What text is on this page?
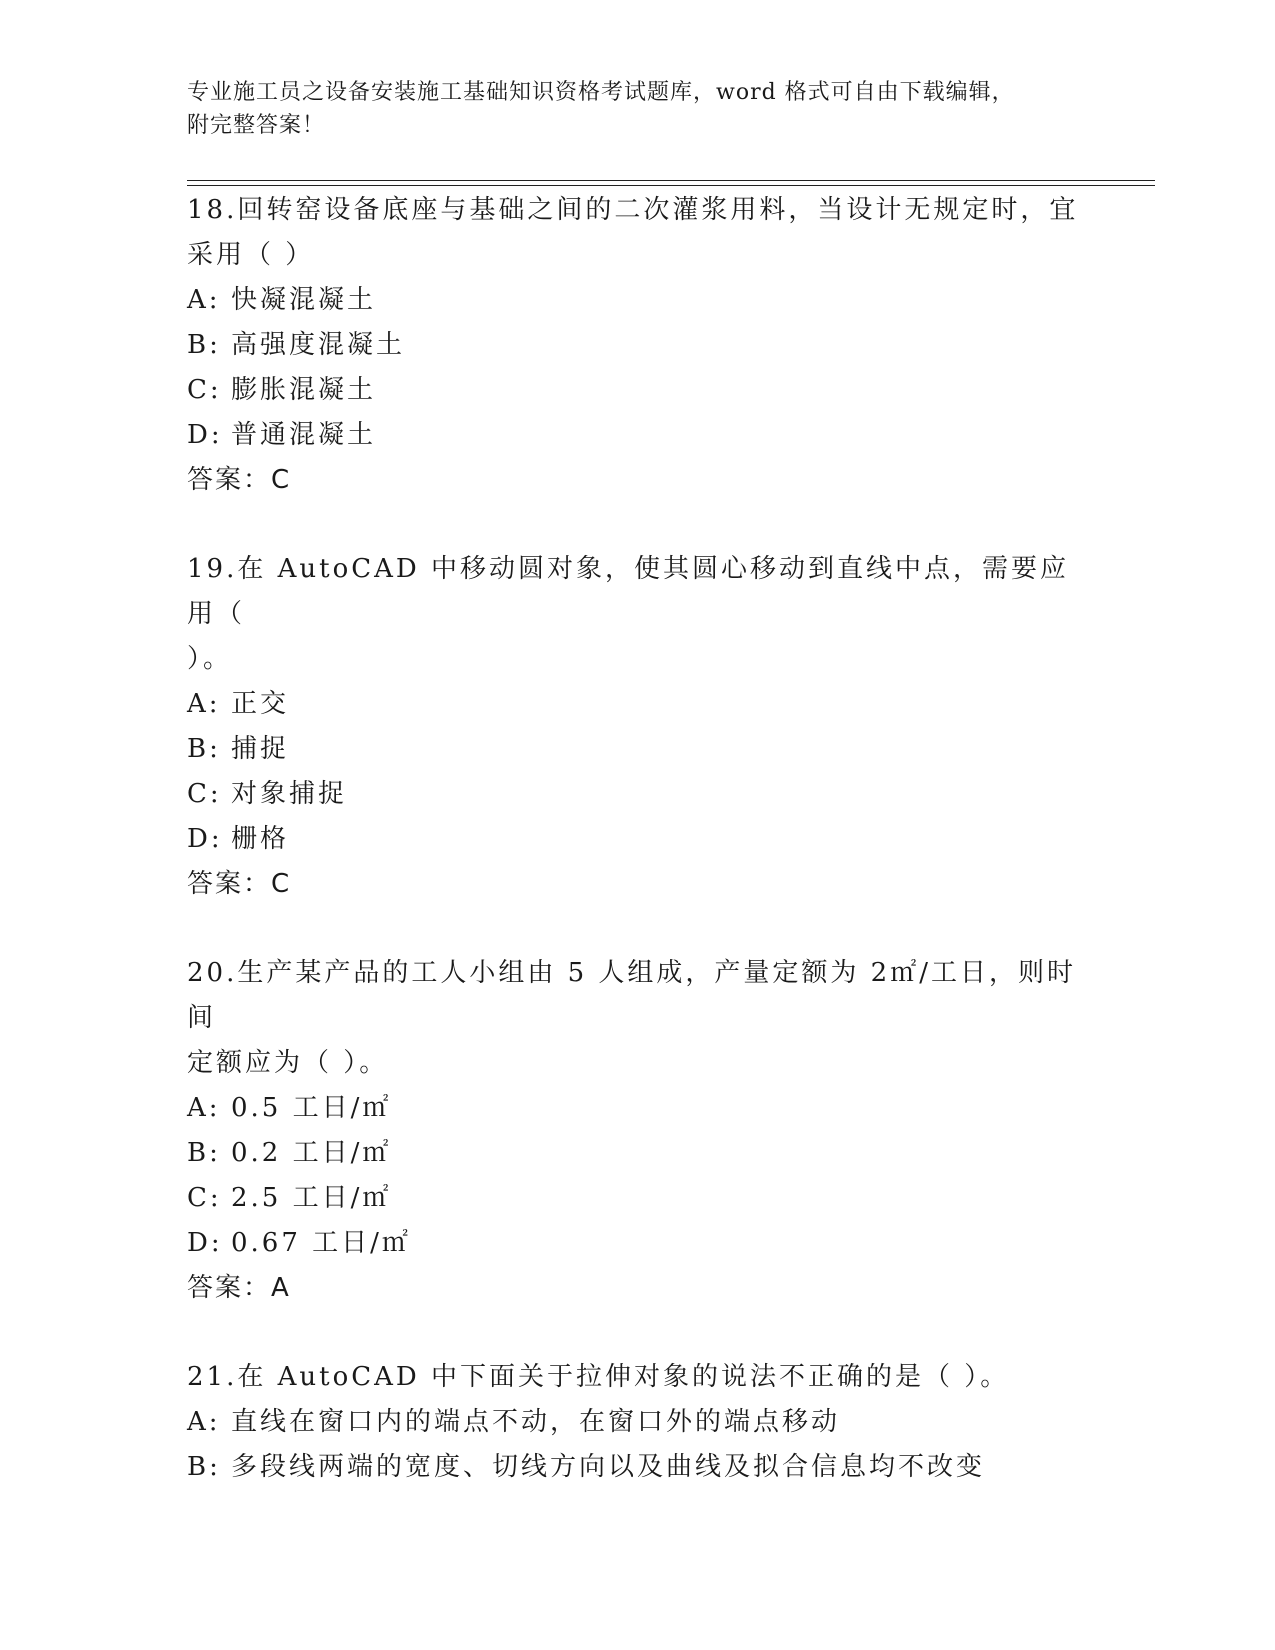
专业施工员之设备安装施工基础知识资格考试题库，word 格式可自由下载编辑，
附完整答案！

18.回转窑设备底座与基础之间的二次灌浆用料，当设计无规定时，宜

采用（ ）

A: 快凝混凝土

B: 高强度混凝土

C: 膨胀混凝土

D: 普通混凝土

答案：C

19.在 AutoCAD 中移动圆对象，使其圆心移动到直线中点，需要应用（

）。

A: 正交

B: 捕捉

C: 对象捕捉

D: 栅格

答案：C

20.生产某产品的工人小组由 5 人组成，产量定额为 2㎡/工日，则时间

定额应为（ ）。

A: 0.5 工日/㎡

B: 0.2 工日/㎡

C: 2.5 工日/㎡

D: 0.67 工日/㎡

答案：A

21.在 AutoCAD 中下面关于拉伸对象的说法不正确的是（ ）。

A: 直线在窗口内的端点不动，在窗口外的端点移动

B: 多段线两端的宽度、切线方向以及曲线及拟合信息均不改变
